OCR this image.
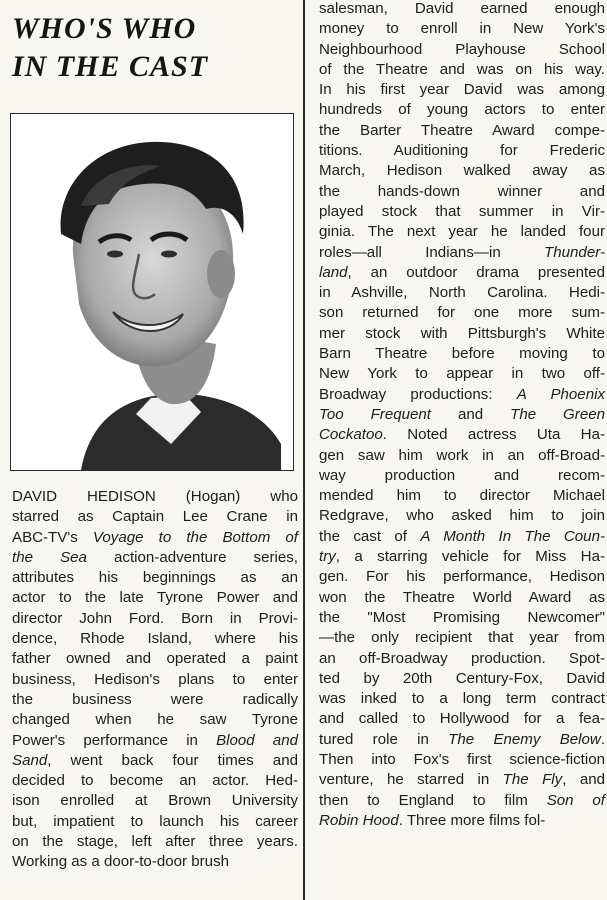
WHO'S WHO
IN THE CAST
DAVID HEDISON (Hogan) who
starred as Captain Lee Crane in
ABC-TV's Voyage to the Bottom of
the Sea action-adventure series,
attributes his beginnings as an
actor to the late Tyrone Power and
director John Ford. Born in Provi-
dence, Rhode Island, where his
father owned and operated a paint
business, Hedison's plans to enter
the business were radically
changed when he saw Tyrone
Power's performance in Blood and
Sand, went back four times and
decided to become an actor. Hed-
ison enrolled at Brown University
but, impatient to launch his career
on the stage, left after three years.
Working as a door-to-door brush
salesman, David earned enough
money to enroll in New York's
Neighbourhood Playhouse School
of the Theatre and was on his way.
In his first year David was among
hundreds of young actors to enter
the Barter Theatre Award compe-
titions. Auditioning for Frederic
March, Hedison walked away as
the hands-down winner and
played stock that summer in Vir-
ginia. The next year he landed four
roles—all Indians—in Thunder-
land, an outdoor drama presented
in Ashville, North Carolina. Hedi-
son returned for one more sum-
mer stock with Pittsburgh's White
Barn Theatre before moving to
New York to appear in two off-
Broadway productions: A Phoenix
Too Frequent and The Green
Cockatoo. Noted actress Uta Ha-
gen saw him work in an off-Broad-
way production and recom-
mended him to director Michael
Redgrave, who asked him to join
the cast of A Month In The Coun-
try, a starring vehicle for Miss Ha-
gen. For his performance, Hedison
won the Theatre World Award as
the "Most Promising Newcomer"
—the only recipient that year from
an off-Broadway production. Spot-
ted by 20th Century-Fox, David
was inked to a long term contract
and called to Hollywood for a fea-
tured role in The Enemy Below.
Then into Fox's first science-fiction
venture, he starred in The Fly, and
then to England to film Son of
Robin Hood. Three more films fol-
